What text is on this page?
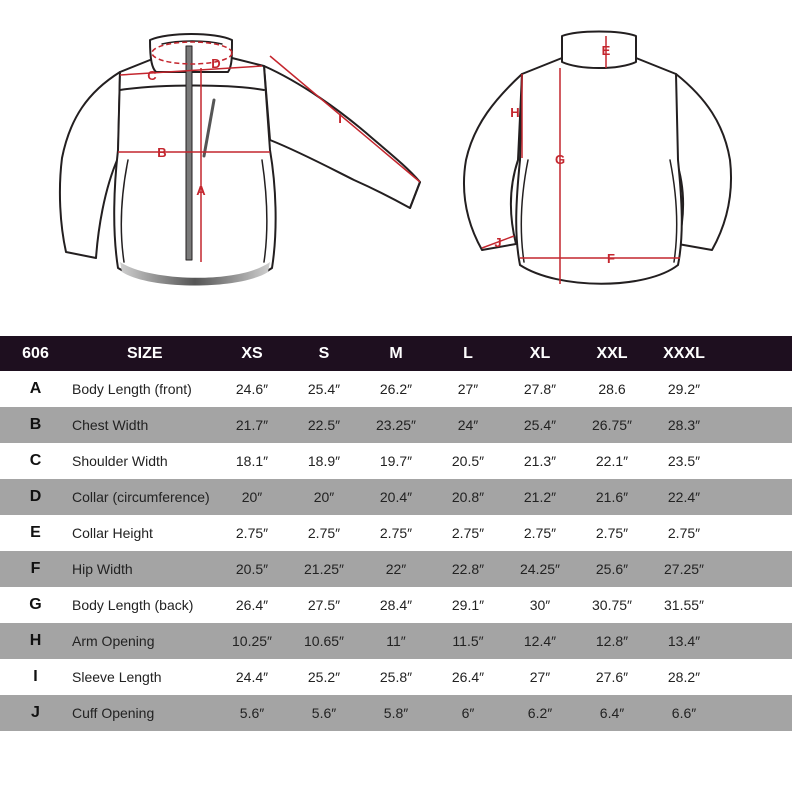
D
C
B
A
I
E
H
G
J
F
606	SIZE	XS	S	M	L	XL	XXL	XXXL	
A	Body Length (front)	24.6″	25.4″	26.2″	27″	27.8″	28.6	29.2″	
B	Chest Width	21.7″	22.5″	23.25″	24″	25.4″	26.75″	28.3″	
C	Shoulder Width	18.1″	18.9″	19.7″	20.5″	21.3″	22.1″	23.5″	
D	Collar (circumference)	20″	20″	20.4″	20.8″	21.2″	21.6″	22.4″	
E	Collar Height	2.75″	2.75″	2.75″	2.75″	2.75″	2.75″	2.75″	
F	Hip Width	20.5″	21.25″	22″	22.8″	24.25″	25.6″	27.25″	
G	Body Length (back)	26.4″	27.5″	28.4″	29.1″	30″	30.75″	31.55″	
H	Arm Opening	10.25″	10.65″	11″	11.5″	12.4″	12.8″	13.4″	
I	Sleeve Length	24.4″	25.2″	25.8″	26.4″	27″	27.6″	28.2″	
J	Cuff Opening	5.6″	5.6″	5.8″	6″	6.2″	6.4″	6.6″	
